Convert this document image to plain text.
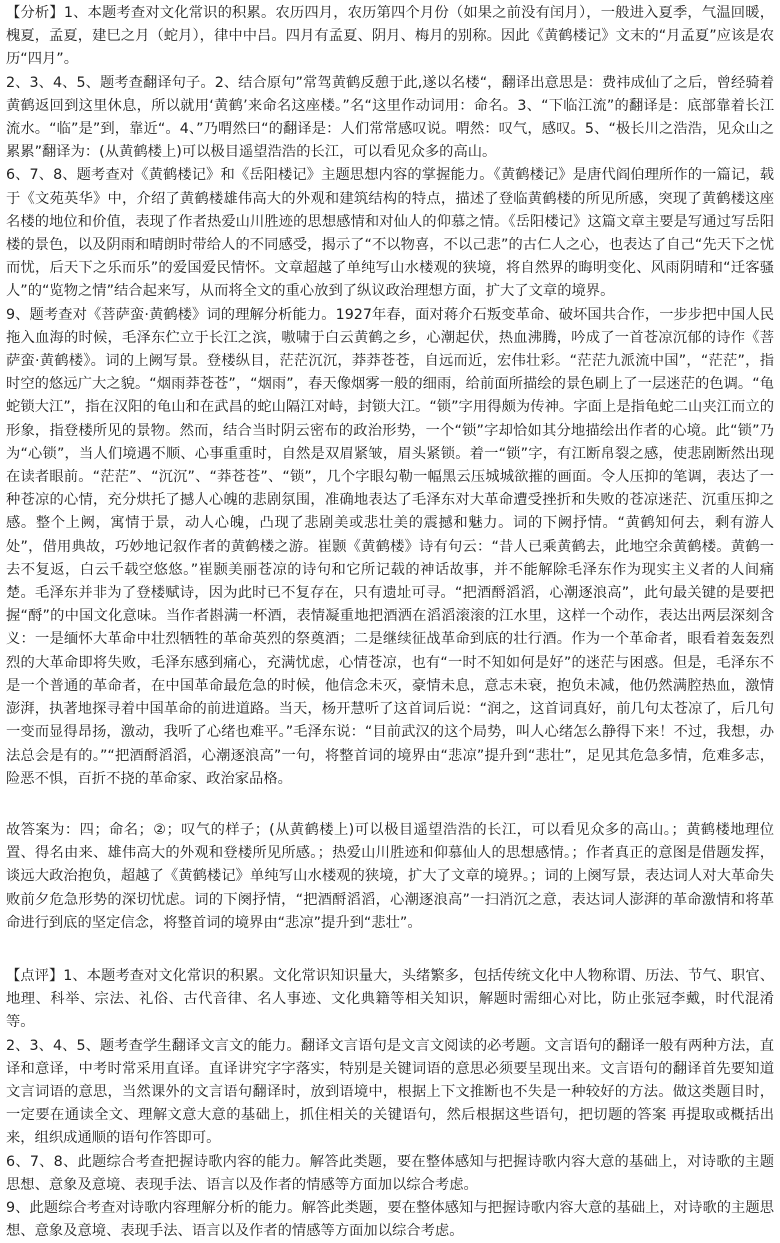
【分析】1、本题考查对文化常识的积累。农历四月，农历第四个月份（如果之前没有闰月），一般进入夏季，气温回暖，槐夏，孟夏，建巳之月（蛇月），律中中吕。四月有孟夏、阴月、梅月的别称。因此《黄鹤楼记》文末的“月孟夏”应该是农历“四月”。

2、3、4、5、题考查翻译句子。2、结合原句”常驾黄鹤反憩于此,遂以名楼“，翻译出意思是：费祎成仙了之后，曾经骑着黄鹤返回到这里休息，所以就用‘黄鹤’来命名这座楼。”名“这里作动词用：命名。3、“下临江流”的翻译是：底部靠着长江流水。“临”是”到，靠近“。4、”乃喟然曰“的翻译是：人们常常感叹说。喟然：叹气，感叹。5、“极长川之浩浩，见众山之累累”翻译为：(从黄鹤楼上)可以极目遥望浩浩的长江，可以看见众多的高山。

6、7、8、题考查对《黄鹤楼记》和《岳阳楼记》主题思想内容的掌握能力。《黄鹤楼记》是唐代阎伯理所作的一篇记，载于《文苑英华》中，介绍了黄鹤楼雄伟高大的外观和建筑结构的特点，描述了登临黄鹤楼的所见所感，突现了黄鹤楼这座名楼的地位和价值，表现了作者热爱山川胜迹的思想感情和对仙人的仰慕之情。《岳阳楼记》这篇文章主要是写通过写岳阳楼的景色，以及阴雨和晴朗时带给人的不同感受，揭示了“不以物喜，不以己悲”的古仁人之心，也表达了自己“先天下之忧而忧，后天下之乐而乐”的爱国爱民情怀。文章超越了单纯写山水楼观的狭境，将自然界的晦明变化、风雨阴晴和“迁客骚人”的“览物之情”结合起来写，从而将全文的重心放到了纵议政治理想方面，扩大了文章的境界。

9、题考查对《菩萨蛮·黄鹤楼》词的理解分析能力。1927年春，面对蒋介石叛变革命、破坏国共合作，一步步把中国人民拖入血海的时候，毛泽东伫立于长江之滨，嗷啸于白云黄鹤之乡，心潮起伏，热血沸腾，吟成了一首苍凉沉郁的诗作《菩萨蛮·黄鹤楼》。词的上阙写景。登楼纵目，茫茫沉沉，莽莽苍苍，自远而近，宏伟壮彩。“茫茫九派流中国”，“茫茫”，指时空的悠远广大之貌。“烟雨莽苍苍”，“烟雨”，春天像烟雾一般的细雨，给前面所描绘的景色刷上了一层迷茫的色调。“龟蛇锁大江”，指在汉阳的龟山和在武昌的蛇山隔江对峙，封锁大江。“锁”字用得颇为传神。字面上是指龟蛇二山夹江而立的形象，指登楼所见的景物。然而，结合当时阴云密布的政治形势，一个“锁”字却恰如其分地描绘出作者的心境。此“锁”乃为“心锁”，当人们境遇不顺、心事重重时，自然是双眉紧皱，眉头紧锁。着一“锁”字，有江断帛裂之感，使悲剧断然出现在读者眼前。“茫茫”、“沉沉”、“莽苍苍”、“锁”，几个字眼勾勒一幅黑云压城城欲摧的画面。令人压抑的笔调，表达了一种苍凉的心情，充分烘托了撼人心魄的悲剧氛围，准确地表达了毛泽东对大革命遭受挫折和失败的苍凉迷茫、沉重压抑之感。整个上阙，寓情于景，动人心魄，凸现了悲剧美或悲壮美的震撼和魅力。词的下阙抒情。“黄鹤知何去，剩有游人处”，借用典故，巧妙地记叙作者的黄鹤楼之游。崔颢《黄鹤楼》诗有句云：“昔人已乘黄鹤去，此地空余黄鹤楼。黄鹤一去不复返，白云千载空悠悠。”崔颢美丽苍凉的诗句和它所记载的神话故事，并不能解除毛泽东作为现实主义者的人间痛楚。毛泽东并非为了登楼赋诗，因为此时已不复存在，只有遗址可寻。“把酒酹滔滔，心潮逐浪高”，此句最关键的是要把握“酹”的中国文化意味。当作者斟满一杯酒，表情凝重地把酒洒在滔滔滚滚的江水里，这样一个动作，表达出两层深刻含义：一是缅怀大革命中壮烈牺牲的革命英烈的祭奠酒；二是继续征战革命到底的壮行酒。作为一个革命者，眼看着轰轰烈烈的大革命即将失败，毛泽东感到痛心，充满忧虑，心情苍凉，也有“一时不知如何是好”的迷茫与困惑。但是，毛泽东不是一个普通的革命者，在中国革命最危急的时候，他信念未灭，豪情未息，意志未衰，抱负未减，他仍然满腔热血，激情澎湃，执著地探寻着中国革命的前进道路。当天，杨开慧听了这首词后说：“润之，这首词真好，前几句太苍凉了，后几句一变而显得昂扬，激动，我听了心绪也难平。”毛泽东说：“目前武汉的这个局势，叫人心绪怎么静得下来！不过，我想，办法总会是有的。”“把酒酹滔滔，心潮逐浪高”一句，将整首词的境界由“悲凉”提升到“悲壮”，足见其危急多情，危难多志，险恶不惧，百折不挠的革命家、政治家品格。

故答案为：四；命名；②；叹气的样子；(从黄鹤楼上)可以极目遥望浩浩的长江，可以看见众多的高山。；黄鹤楼地理位置、得名由来、雄伟高大的外观和登楼所见所感。；热爱山川胜迹和仰慕仙人的思想感情。；作者真正的意图是借题发挥，谈远大政治抱负，超越了《黄鹤楼记》单纯写山水楼观的狭境，扩大了文章的境界。；词的上阕写景，表达词人对大革命失败前夕危急形势的深切忧虑。词的下阕抒情，“把酒酹滔滔，心潮逐浪高”一扫消沉之意，表达词人澎湃的革命激情和将革命进行到底的坚定信念，将整首词的境界由“悲凉”提升到“悲壮”。

【点评】1、本题考查对文化常识的积累。文化常识知识量大，头绪繁多，包括传统文化中人物称谓、历法、节气、职官、地理、科举、宗法、礼俗、古代音律、名人事迹、文化典籍等相关知识，解题时需细心对比，防止张冠李戴，时代混淆等。

2、3、4、5、题考查学生翻译文言文的能力。翻译文言语句是文言文阅读的必考题。文言语句的翻译一般有两种方法，直译和意译，中考时常采用直译。直译讲究字字落实，特别是关键词语的意思必须要呈现出来。文言语句的翻译首先要知道文言词语的意思，当然课外的文言语句翻译时，放到语境中，根据上下文推断也不失是一种较好的方法。做这类题目时，一定要在通读全文、理解文意大意的基础上，抓住相关的关键语句，然后根据这些语句，把切题的答案 再提取或概括出来，组织成通顺的语句作答即可。

6、7、8、此题综合考查把握诗歌内容的能力。解答此类题，要在整体感知与把握诗歌内容大意的基础上，对诗歌的主题思想、意象及意境、表现手法、语言以及作者的情感等方面加以综合考虑。

9、此题综合考查对诗歌内容理解分析的能力。解答此类题，要在整体感知与把握诗歌内容大意的基础上，对诗歌的主题思想、意象及意境、表现手法、语言以及作者的情感等方面加以综合考虑。
